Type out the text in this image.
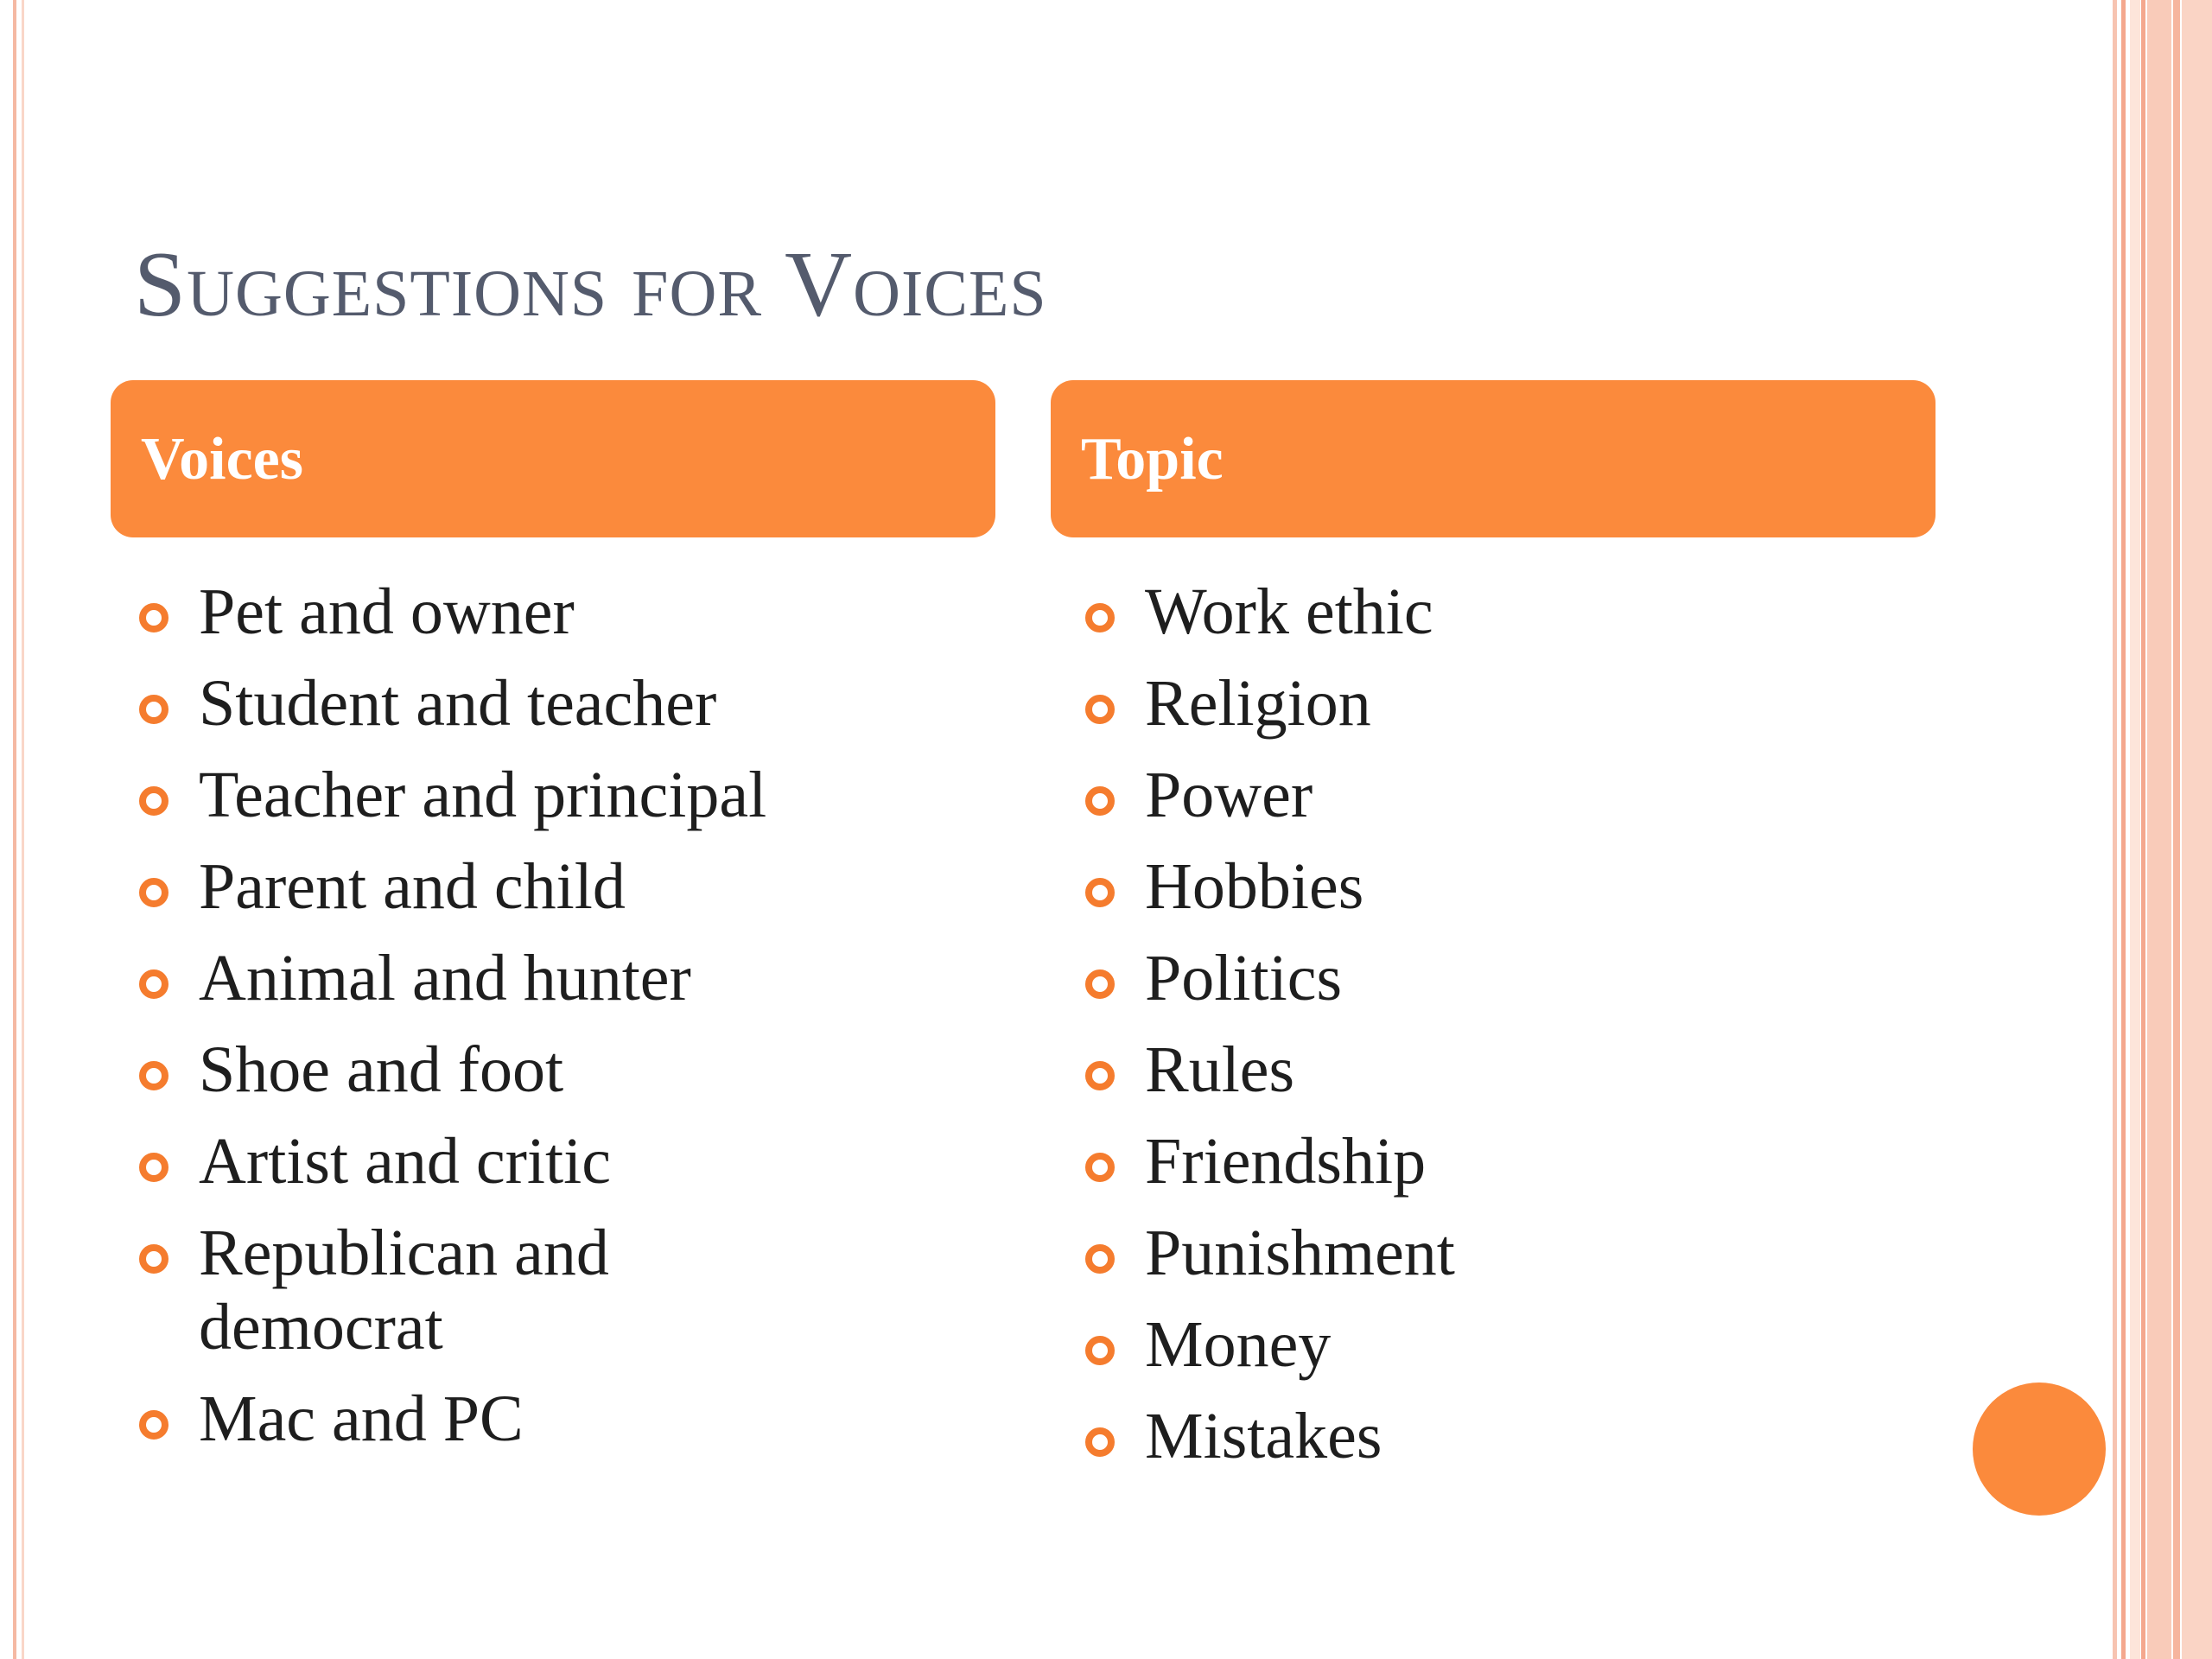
Suggestions for Voices
Voices	Topic
Pet and owner
Student and teacher
Teacher and principal
Parent and child
Animal and hunter
Shoe and foot
Artist and critic
Republican and democrat
Mac and PC
Work ethic
Religion
Power
Hobbies
Politics
Rules
Friendship
Punishment
Money
Mistakes
